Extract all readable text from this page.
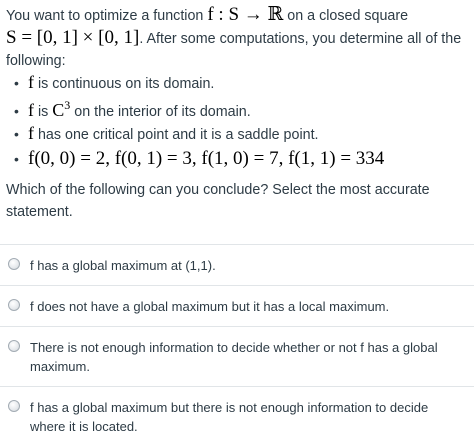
You want to optimize a function f : S → ℝ on a closed square
S = [0, 1] × [0, 1]. After some computations, you determine all of the
following:
• f is continuous on its domain.
• f is $C^3$ on the interior of its domain.
• f has one critical point and it is a saddle point.
• f(0, 0) = 2, f(0, 1) = 3, f(1, 0) = 7, f(1, 1) = 334
Which of the following can you conclude? Select the most accurate statement.
f has a global maximum at (1,1).
f does not have a global maximum but it has a local maximum.
There is not enough information to decide whether or not f has a global maximum.
f has a global maximum but there is not enough information to decide where it is located.
